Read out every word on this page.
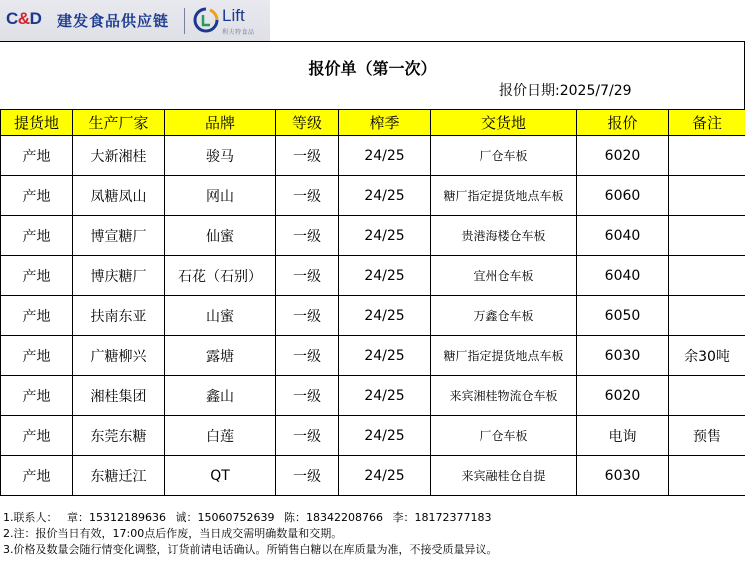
C&D 建发食品供应链	Lift
利夫特食品
报价单（第一次）
报价日期:2025/7/29
提货地	生产厂家	品牌	等级	榨季	交货地	报价	备注
产地	大新湘桂	骏马	一级	24/25	厂仓车板	6020	
产地	凤糖凤山	网山	一级	24/25	糖厂指定提货地点车板	6060	
产地	博宣糖厂	仙蜜	一级	24/25	贵港海楼仓车板	6040	
产地	博庆糖厂	石花（石别）	一级	24/25	宜州仓车板	6040	
产地	扶南东亚	山蜜	一级	24/25	万鑫仓车板	6050	
产地	广糖柳兴	露塘	一级	24/25	糖厂指定提货地点车板	6030	余30吨
产地	湘桂集团	鑫山	一级	24/25	来宾湘桂物流仓车板	6020	
产地	东莞东糖	白莲	一级	24/25	厂仓车板	电询	预售
产地	东糖迁江	QT	一级	24/25	来宾融桂仓自提	6030	
1.联系人： 章：15312189636 诚：15060752639 陈：18342208766 李：18172377183
2.注：报价当日有效，17:00点后作废，当日成交需明确数量和交期。
3.价格及数量会随行情变化调整，订货前请电话确认。所销售白糖以在库质量为准，不接受质量异议。
